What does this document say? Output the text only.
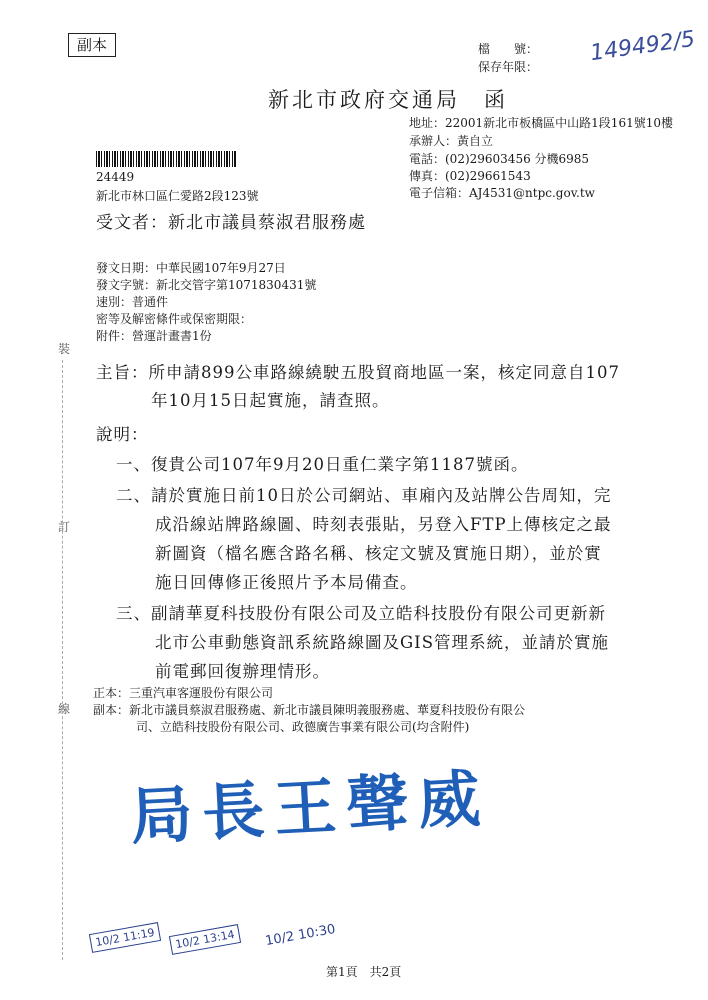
副本	檔　　號：
保存年限：
149492/5
新北市政府交通局　函
地址：22001新北市板橋區中山路1段161號10樓
承辦人：黃自立
電話：(02)29603456 分機6985
傳真：(02)29661543
電子信箱：AJ4531@ntpc.gov.tw
24449
新北市林口區仁愛路2段123號
受文者：新北市議員蔡淑君服務處
發文日期：中華民國107年9月27日
發文字號：新北交管字第1071830431號
速別：普通件
密等及解密條件或保密期限：
附件：營運計畫書1份
裝
訂
線
主旨：所申請899公車路線繞駛五股貿商地區一案，核定同意自107
年10月15日起實施，請查照。
說明：
一、復貴公司107年9月20日重仁業字第1187號函。
二、請於實施日前10日於公司網站、車廂內及站牌公告周知，完
成沿線站牌路線圖、時刻表張貼，另登入FTP上傳核定之最
新圖資（檔名應含路名稱、核定文號及實施日期），並於實
施日回傳修正後照片予本局備查。
三、副請華夏科技股份有限公司及立皓科技股份有限公司更新新
北市公車動態資訊系統路線圖及GIS管理系統，並請於實施
前電郵回復辦理情形。
正本：三重汽車客運股份有限公司
副本：新北市議員蔡淑君服務處、新北市議員陳明義服務處、華夏科技股份有限公
司、立皓科技股份有限公司、政德廣告事業有限公司(均含附件)
局長王聲威
10/2 11:19	10/2 13:14	10/2 10:30
第1頁　共2頁
